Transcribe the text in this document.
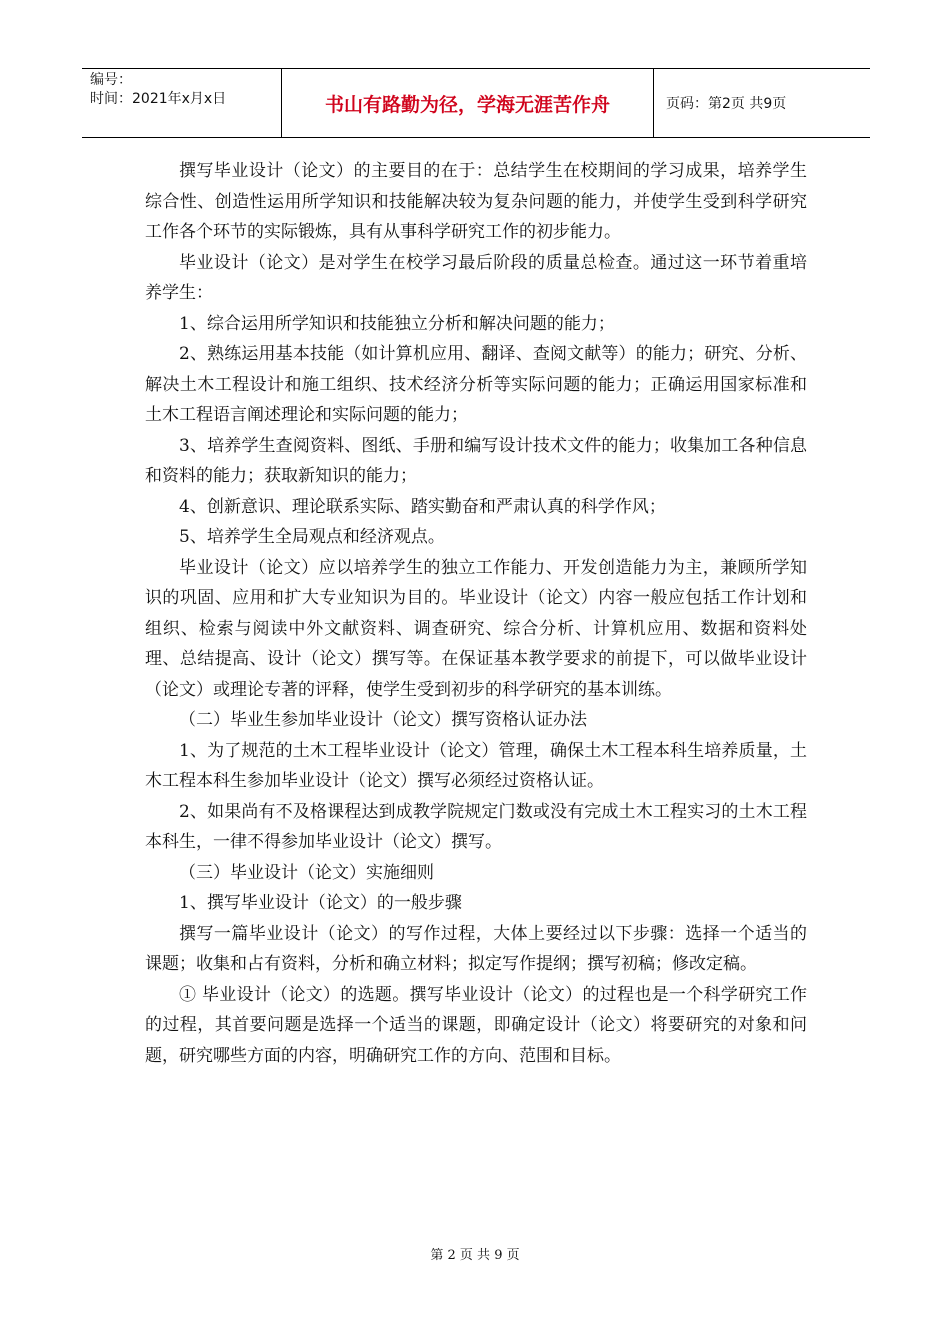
编号：
时间：2021年x月x日	书山有路勤为径，学海无涯苦作舟	页码：第2页 共9页

撰写毕业设计（论文）的主要目的在于：总结学生在校期间的学习成果，培养学生综合性、创造性运用所学知识和技能解决较为复杂问题的能力，并使学生受到科学研究工作各个环节的实际锻炼，具有从事科学研究工作的初步能力。

毕业设计（论文）是对学生在校学习最后阶段的质量总检查。通过这一环节着重培养学生：

1、综合运用所学知识和技能独立分析和解决问题的能力；

2、熟练运用基本技能（如计算机应用、翻译、查阅文献等）的能力；研究、分析、解决土木工程设计和施工组织、技术经济分析等实际问题的能力；正确运用国家标准和土木工程语言阐述理论和实际问题的能力；

3、培养学生查阅资料、图纸、手册和编写设计技术文件的能力；收集加工各种信息和资料的能力；获取新知识的能力；

4、创新意识、理论联系实际、踏实勤奋和严肃认真的科学作风；

5、培养学生全局观点和经济观点。

毕业设计（论文）应以培养学生的独立工作能力、开发创造能力为主，兼顾所学知识的巩固、应用和扩大专业知识为目的。毕业设计（论文）内容一般应包括工作计划和组织、检索与阅读中外文献资料、调查研究、综合分析、计算机应用、数据和资料处理、总结提高、设计（论文）撰写等。在保证基本教学要求的前提下，可以做毕业设计（论文）或理论专著的评释，使学生受到初步的科学研究的基本训练。

（二）毕业生参加毕业设计（论文）撰写资格认证办法

1、为了规范的土木工程毕业设计（论文）管理，确保土木工程本科生培养质量，土木工程本科生参加毕业设计（论文）撰写必须经过资格认证。

2、如果尚有不及格课程达到成教学院规定门数或没有完成土木工程实习的土木工程本科生，一律不得参加毕业设计（论文）撰写。

（三）毕业设计（论文）实施细则

1、撰写毕业设计（论文）的一般步骤

撰写一篇毕业设计（论文）的写作过程，大体上要经过以下步骤：选择一个适当的课题；收集和占有资料，分析和确立材料；拟定写作提纲；撰写初稿；修改定稿。

① 毕业设计（论文）的选题。撰写毕业设计（论文）的过程也是一个科学研究工作的过程，其首要问题是选择一个适当的课题，即确定设计（论文）将要研究的对象和问题，研究哪些方面的内容，明确研究工作的方向、范围和目标。

第 2 页 共 9 页
